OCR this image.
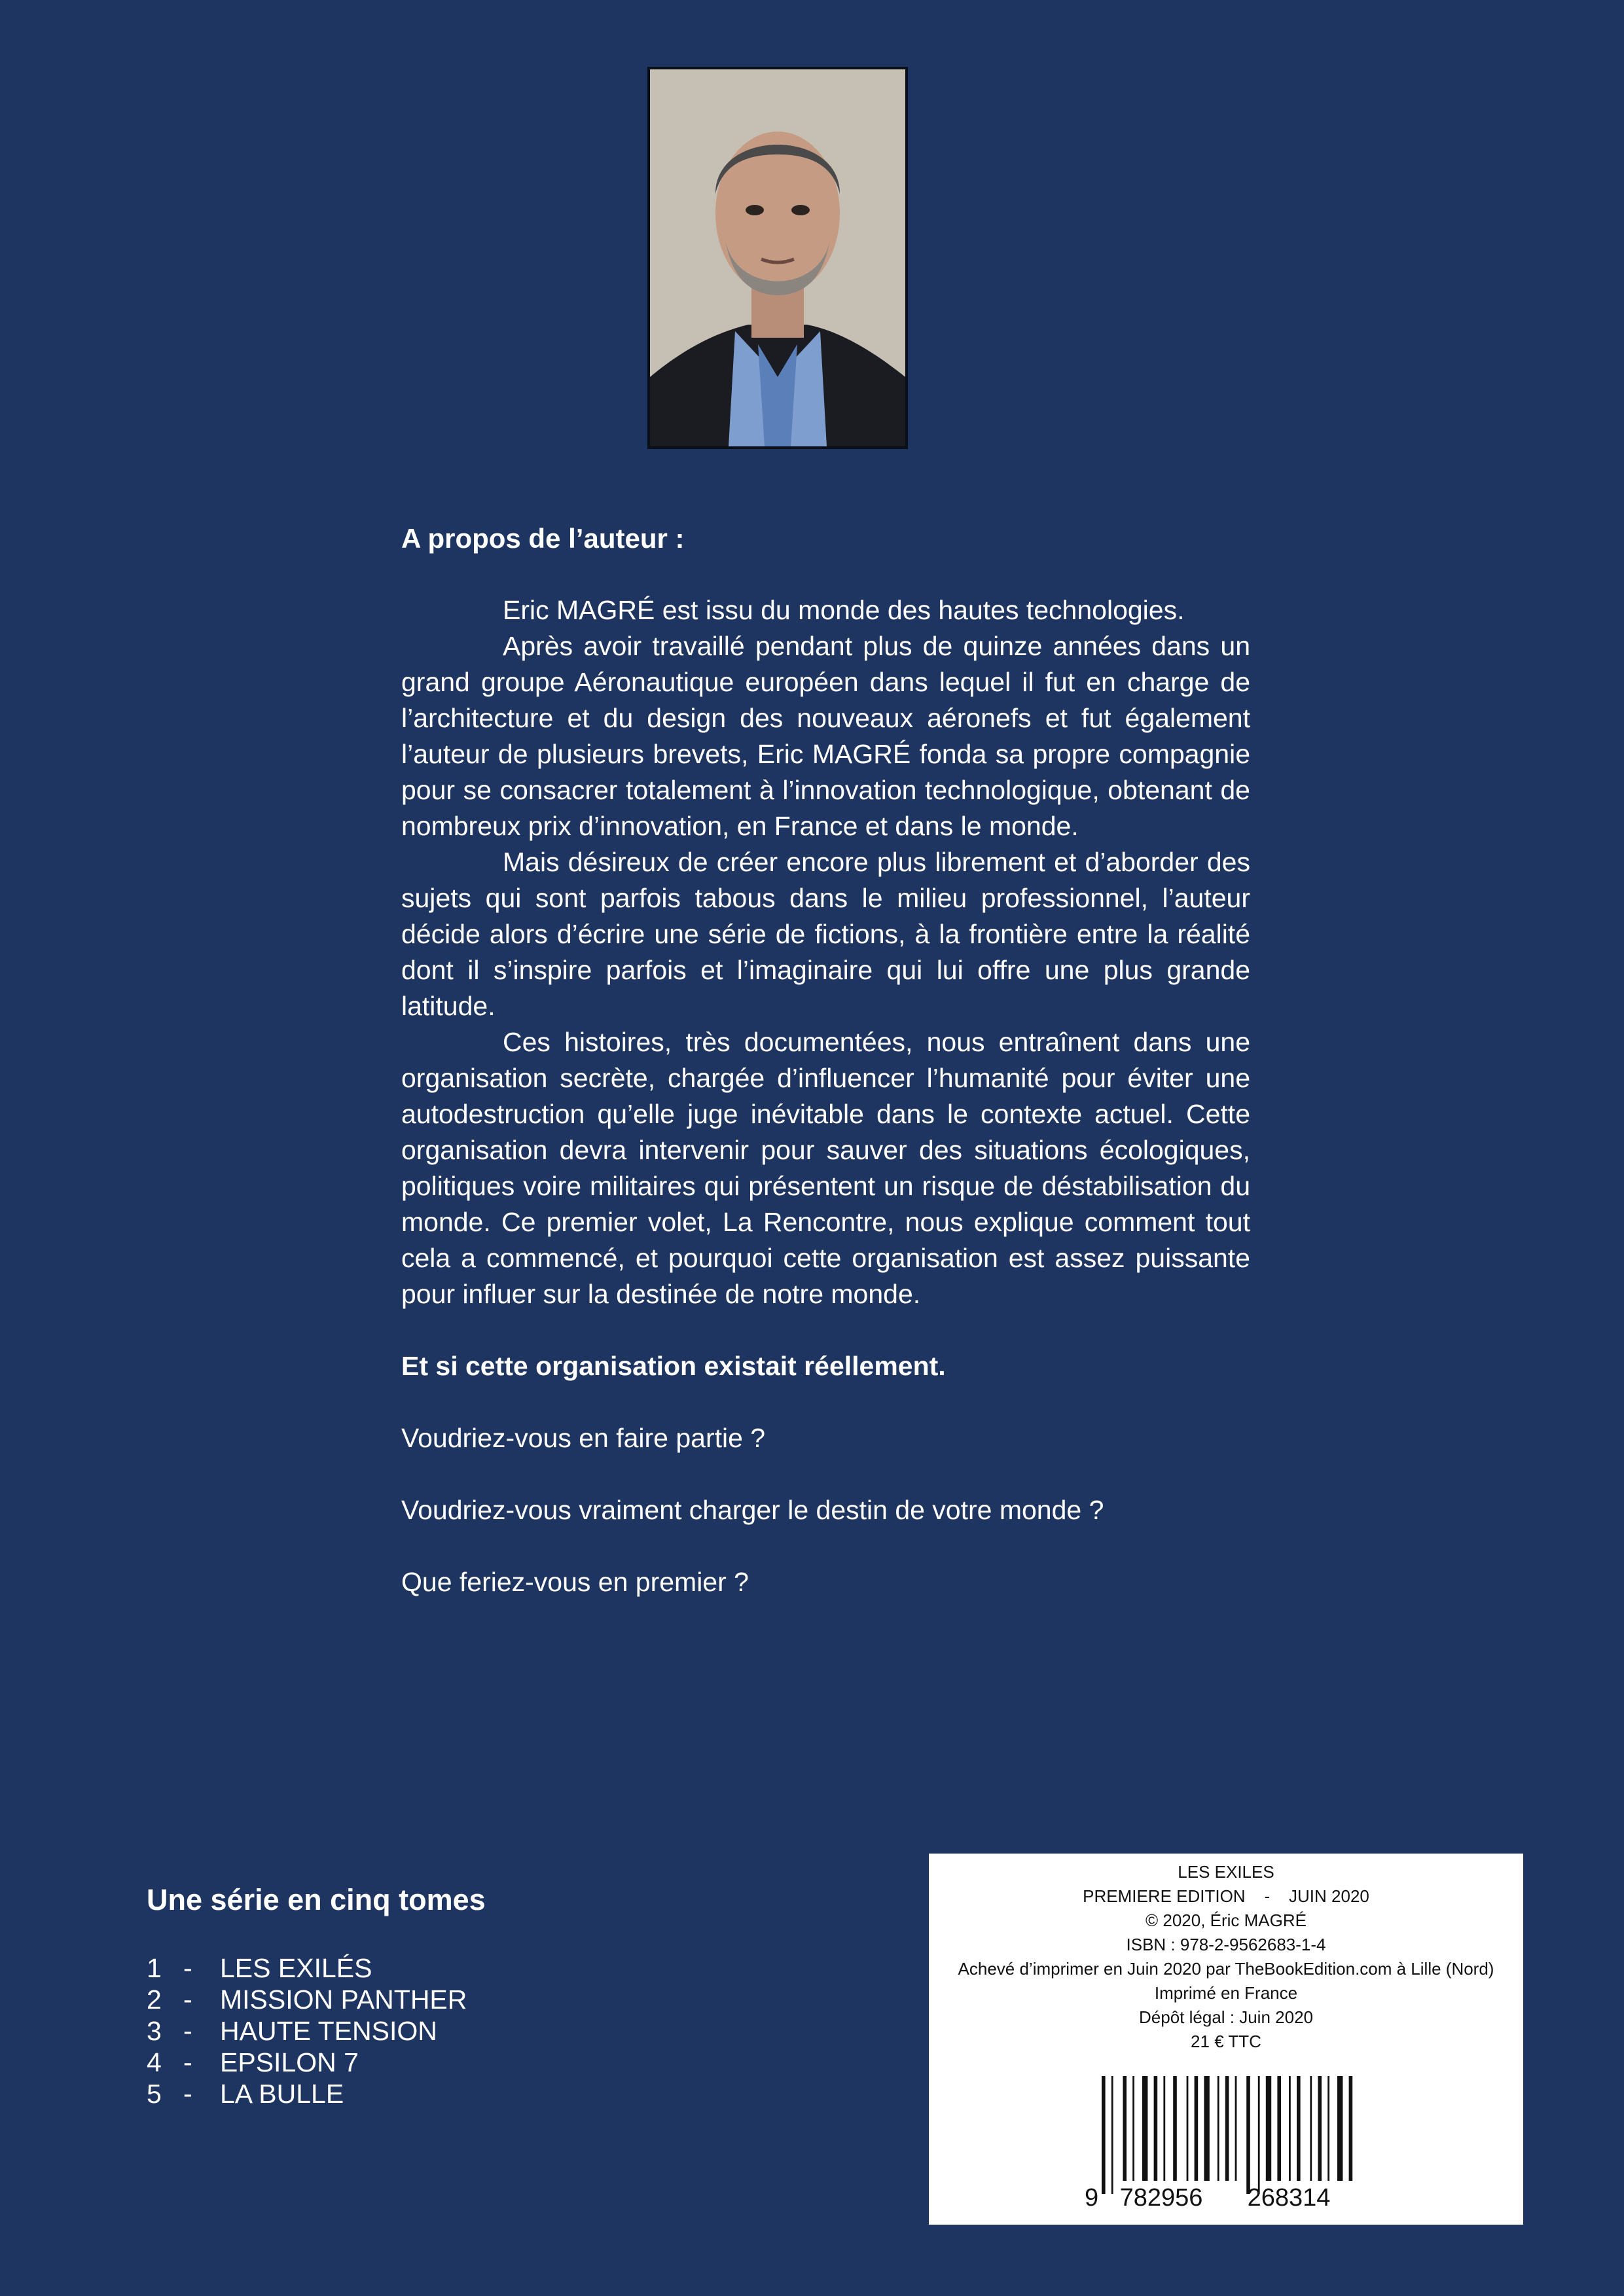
A propos de l’auteur :

Eric MAGRÉ est issu du monde des hautes technologies.

Après avoir travaillé pendant plus de quinze années dans un grand groupe Aéronautique européen dans lequel il fut en charge de l’architecture et du design des nouveaux aéronefs et fut également l’auteur de plusieurs brevets, Eric MAGRÉ fonda sa propre compagnie pour se consacrer totalement à l’innovation technologique, obtenant de nombreux prix d’innovation, en France et dans le monde.

Mais désireux de créer encore plus librement et d’aborder des sujets qui sont parfois tabous dans le milieu professionnel, l’auteur décide alors d’écrire une série de fictions, à la frontière entre la réalité dont il s’inspire parfois et l’imaginaire qui lui offre une plus grande latitude.

Ces histoires, très documentées, nous entraînent dans une organisation secrète, chargée d’influencer l’humanité pour éviter une autodestruction qu’elle juge inévitable dans le contexte actuel. Cette organisation devra intervenir pour sauver des situations écologiques, politiques voire militaires qui présentent un risque de déstabilisation du monde. Ce premier volet, La Rencontre, nous explique comment tout cela a commencé, et pourquoi cette organisation est assez puissante pour influer sur la destinée de notre monde.

Et si cette organisation existait réellement.

Voudriez-vous en faire partie ?

Voudriez-vous vraiment charger le destin de votre monde ?

Que feriez-vous en premier ?

Une série en cinq tomes
1 - LES EXILÉS
2 - MISSION PANTHER
3 - HAUTE TENSION
4 - EPSILON 7
5 - LA BULLE
LES EXILES
PREMIERE EDITION    -    JUIN 2020
© 2020, Éric MAGRÉ
ISBN : 978-2-9562683-1-4
Achevé d’imprimer en Juin 2020 par TheBookEdition.com à Lille (Nord)
Imprimé en France
Dépôt légal : Juin 2020
21 € TTC
9 782956 268314
